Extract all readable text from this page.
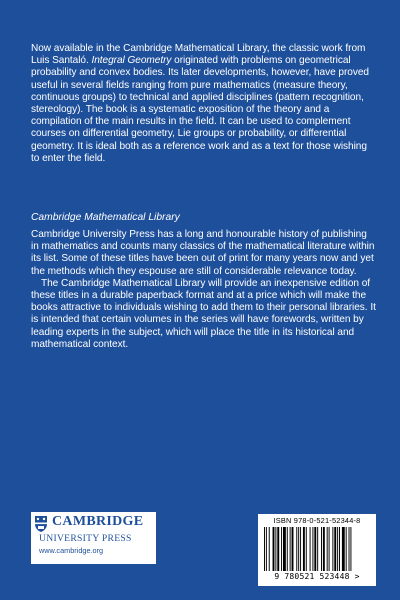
Now available in the Cambridge Mathematical Library, the classic work from Luis Santaló. Integral Geometry originated with problems on geometrical probability and convex bodies. Its later developments, however, have proved useful in several fields ranging from pure mathematics (measure theory, continuous groups) to technical and applied disciplines (pattern recognition, stereology). The book is a systematic exposition of the theory and a compilation of the main results in the field. It can be used to complement courses on differential geometry, Lie groups or probability, or differential geometry. It is ideal both as a reference work and as a text for those wishing to enter the field.

Cambridge Mathematical Library

Cambridge University Press has a long and honourable history of publishing in mathematics and counts many classics of the mathematical literature within its list. Some of these titles have been out of print for many years now and yet the methods which they espouse are still of considerable relevance today.

The Cambridge Mathematical Library will provide an inexpensive edition of these titles in a durable paperback format and at a price which will make the books attractive to individuals wishing to add them to their personal libraries. It is intended that certain volumes in the series will have forewords, written by leading experts in the subject, which will place the title in its historical and mathematical context.

CAMBRIDGE
UNIVERSITY PRESS
www.cambridge.org
ISBN 978-0-521-52344-8
9 780521 523448 >
